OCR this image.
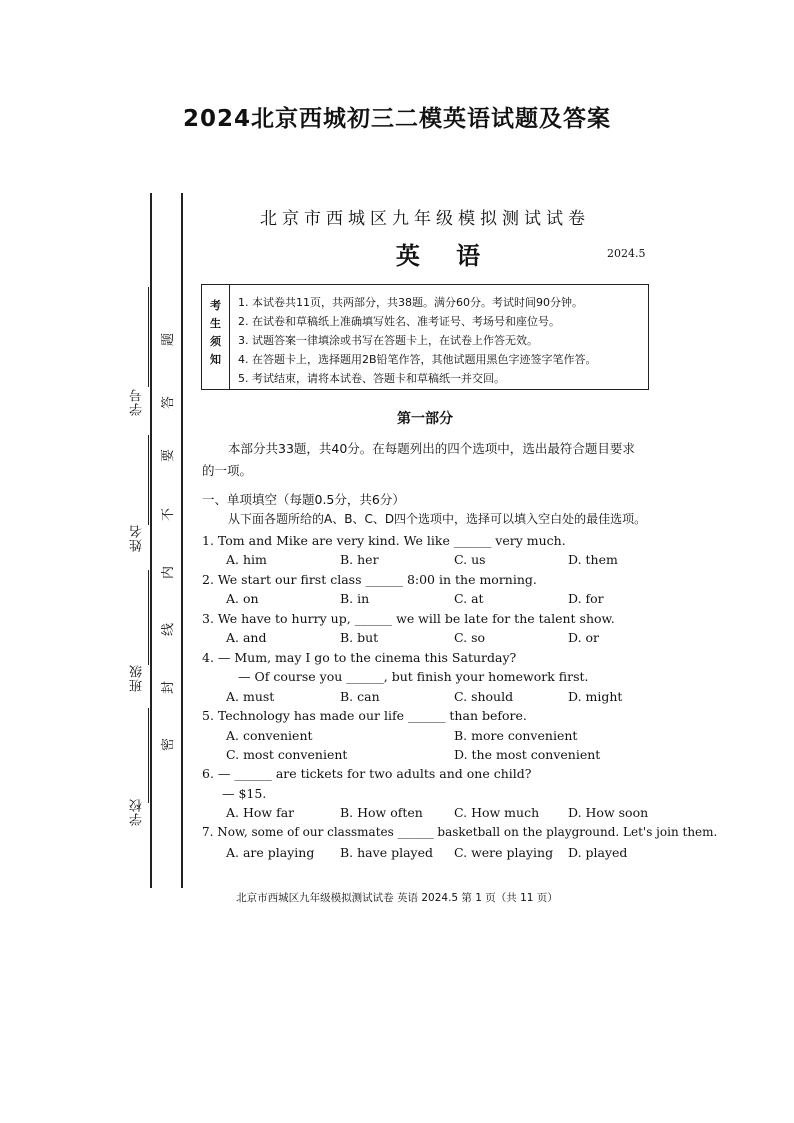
2024北京西城初三二模英语试题及答案
学号
姓名
班级
学校
题
答
要
不
内
线
封
密
北京市西城区九年级模拟测试试卷
英 语	2024.5
考生须知
1. 本试卷共11页，共两部分，共38题。满分60分。考试时间90分钟。
2. 在试卷和草稿纸上准确填写姓名、准考证号、考场号和座位号。
3. 试题答案一律填涂或书写在答题卡上，在试卷上作答无效。
4. 在答题卡上，选择题用2B铅笔作答，其他试题用黑色字迹签字笔作答。
5. 考试结束，请将本试卷、答题卡和草稿纸一并交回。
第一部分
本部分共33题，共40分。在每题列出的四个选项中，选出最符合题目要求
的一项。
一、单项填空（每题0.5分，共6分）
从下面各题所给的A、B、C、D四个选项中，选择可以填入空白处的最佳选项。
1. Tom and Mike are very kind. We like ______ very much.
A. him	B. her	C. us	D. them
2. We start our first class ______ 8:00 in the morning.
A. on	B. in	C. at	D. for
3. We have to hurry up, ______ we will be late for the talent show.
A. and	B. but	C. so	D. or
4. — Mum, may I go to the cinema this Saturday?
— Of course you ______, but finish your homework first.
A. must	B. can	C. should	D. might
5. Technology has made our life ______ than before.
A. convenient	B. more convenient
C. most convenient	D. the most convenient
6. — ______ are tickets for two adults and one child?
— $15.
A. How far	B. How often C. How much D. How soon
7. Now, some of our classmates ______ basketball on the playground. Let's join them.
A. are playing B. have played C. were playing D. played
北京市西城区九年级模拟测试试卷 英语 2024.5 第 1 页（共 11 页）
